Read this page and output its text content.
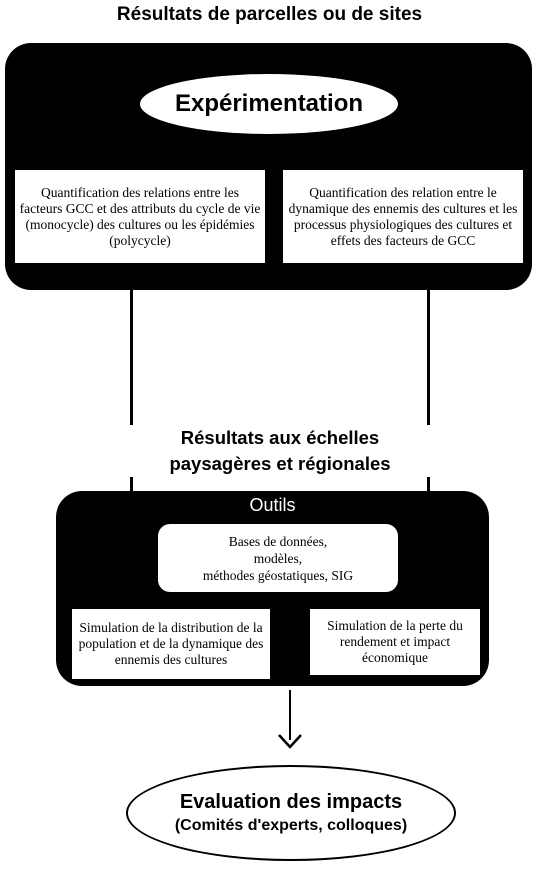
Résultats de parcelles ou de sites
Expérimentation
Quantification des relations entre les facteurs GCC et des attributs du cycle de vie (monocycle) des cultures ou les épidémies (polycycle)
Quantification des relation entre le dynamique des ennemis des cultures et les processus physiologiques des cultures et effets des facteurs de GCC
Résultats aux échelles
paysagères et régionales
Outils
Bases de données,
modèles,
méthodes géostatiques, SIG
Simulation de la distribution de la population et de la dynamique des ennemis des cultures
Simulation de la perte du rendement et impact économique
Evaluation des impacts
(Comités d'experts, colloques)
